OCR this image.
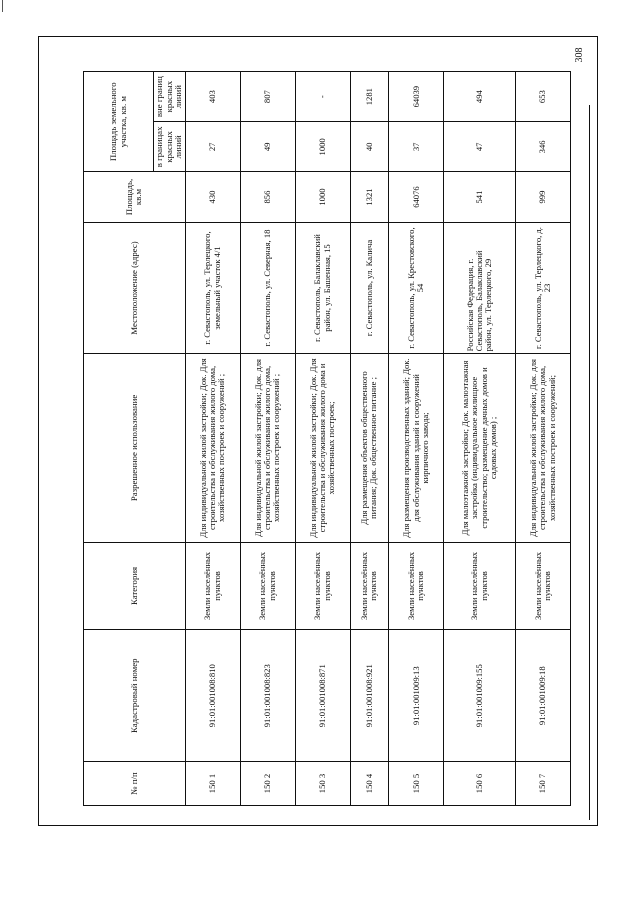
308
№ п/п	Кадастровый номер	Категория	Разрешенное использование	Местоположение (адрес)	Площадь, кв.м	Площадь земельного участка, кв. м	
						в границах красных линий	вне границ красных линий
150 1	91:01:001008:810	Земли населённых пунктов	Для индивидуальной жилой застройки; Док. Для строительства и обслуживания жилого дома, хозяйственных построек и сооружений ;	г. Севастополь, ул. Терлецкого, земельный участок 4/1	430	27	403
150 2	91:01:001008:823	Земли населённых пунктов	Для индивидуальной жилой застройки; Док. для строительства и обслуживания жилого дома, хозяйственных построек и сооружений ;	г. Севастополь, ул. Северная, 18	856	49	807
150 3	91:01:001008:871	Земли населённых пунктов	Для индивидуальной жилой застройки; Док. Для строительства и обслуживания жилого дома и хозяйственных построек;	г. Севастополь, Балаклавский район, ул. Башенная, 15	1000	1000	-
150 4	91:01:001008:921	Земли населённых пунктов	Для размещения объектов общественного питания; Док. общественное питание ;	г. Севастополь, ул. Калича	1321	40	1281
150 5	91:01:001009:13	Земли населённых пунктов	Для размещения производственных зданий; Док. для обслуживания зданий и сооружений кирпичного завода;	г. Севастополь, ул. Крестовского, 54	64076	37	64039
150 6	91:01:001009:155	Земли населённых пунктов	Для малоэтажной застройки; Док. малоэтажная застройка (индивидуальное жилищное строительство; размещение дачных домов и садовых домов) ;	Российская Федерация, г. Севастополь, Балаклавский район, ул. Терлецкого, 29	541	47	494
150 7	91:01:001009:18	Земли населённых пунктов	Для индивидуальной жилой застройки; Док. для строительства и обслуживания жилого дома, хозяйственных построек и сооружений;	г. Севастополь, ул. Терлецкого, д. 23	999	346	653
